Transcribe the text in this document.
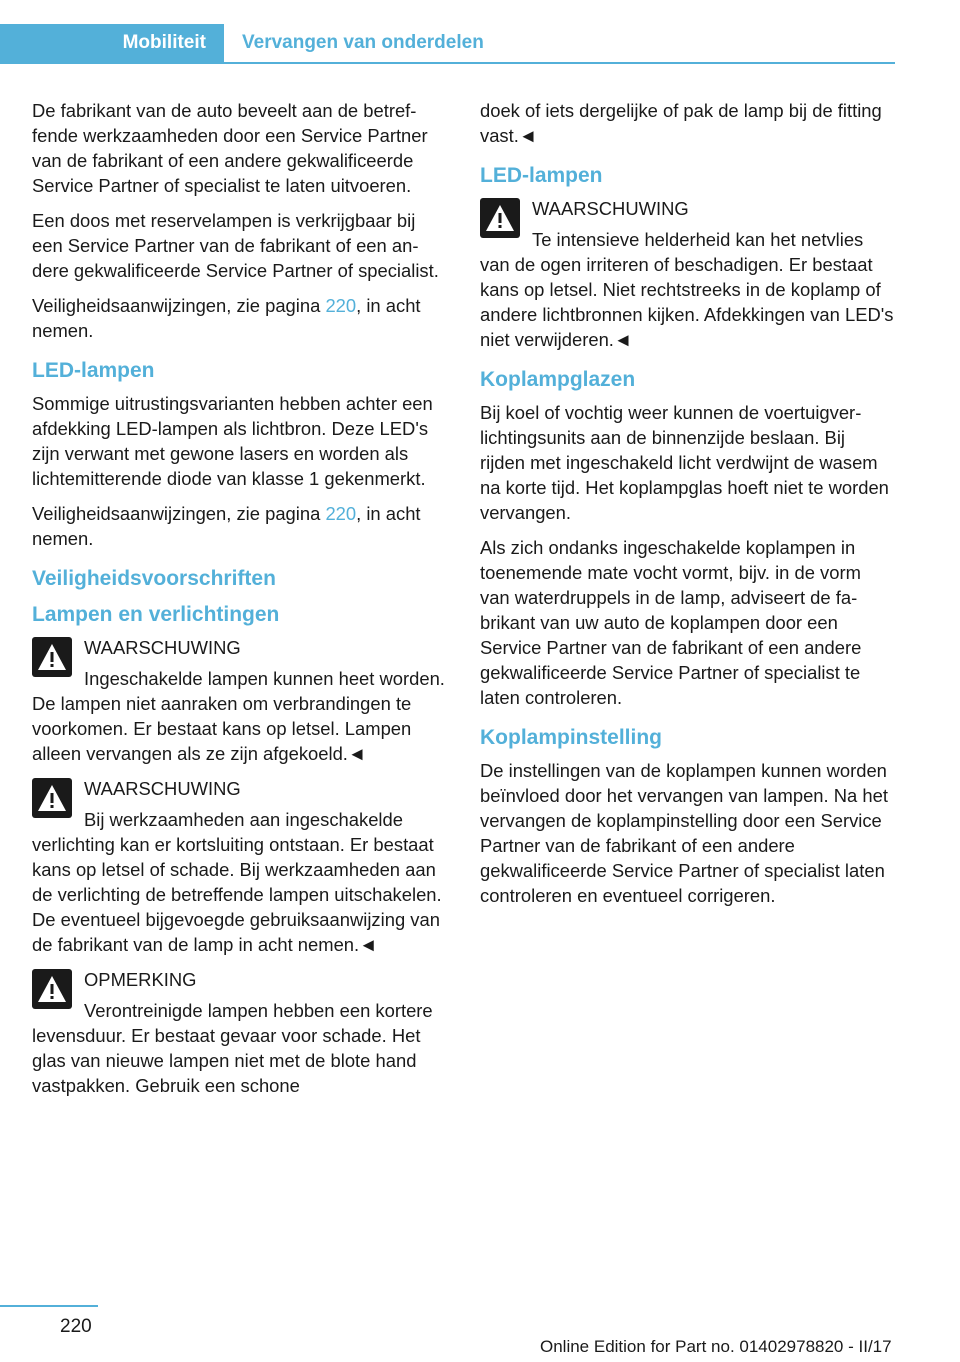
Mobiliteit	Vervangen van onderdelen

De fabrikant van de auto beveelt aan de betreffende werkzaamheden door een Service Partner van de fabrikant of een andere gekwalificeerde Service Partner of specialist te laten uitvoeren.

Een doos met reservelampen is verkrijgbaar bij een Service Partner van de fabrikant of een andere gekwalificeerde Service Partner of specialist.

Veiligheidsaanwijzingen, zie pagina 220, in acht nemen.

LED-lampen

Sommige uitrustingsvarianten hebben achter een afdekking LED-lampen als lichtbron. Deze LED's zijn verwant met gewone lasers en worden als lichtemitterende diode van klasse 1 gekenmerkt.

Veiligheidsaanwijzingen, zie pagina 220, in acht nemen.

Veiligheidsvoorschriften
Lampen en verlichtingen
WAARSCHUWING
Ingeschakelde lampen kunnen heet worden. De lampen niet aanraken om verbrandingen te voorkomen. Er bestaat kans op letsel. Lampen alleen vervangen als ze zijn afgekoeld.◄
WAARSCHUWING
Bij werkzaamheden aan ingeschakelde verlichting kan er kortsluiting ontstaan. Er bestaat kans op letsel of schade. Bij werkzaamheden aan de verlichting de betreffende lampen uitschakelen. De eventueel bijgevoegde gebruiksaanwijzing van de fabrikant van de lamp in acht nemen.◄
OPMERKING
Verontreinigde lampen hebben een kortere levensduur. Er bestaat gevaar voor schade. Het glas van nieuwe lampen niet met de blote hand vastpakken. Gebruik een schone

doek of iets dergelijke of pak de lamp bij de fitting vast.◄

LED-lampen
WAARSCHUWING
Te intensieve helderheid kan het netvlies van de ogen irriteren of beschadigen. Er bestaat kans op letsel. Niet rechtstreeks in de koplamp of andere lichtbronnen kijken. Afdekkingen van LED's niet verwijderen.◄
Koplampglazen

Bij koel of vochtig weer kunnen de voertuigverlichtingsunits aan de binnenzijde beslaan. Bij rijden met ingeschakeld licht verdwijnt de wasem na korte tijd. Het koplampglas hoeft niet te worden vervangen.

Als zich ondanks ingeschakelde koplampen in toenemende mate vocht vormt, bijv. in de vorm van waterdruppels in de lamp, adviseert de fabrikant van uw auto de koplampen door een Service Partner van de fabrikant of een andere gekwalificeerde Service Partner of specialist te laten controleren.

Koplampinstelling

De instellingen van de koplampen kunnen worden beïnvloed door het vervangen van lampen. Na het vervangen de koplampinstelling door een Service Partner van de fabrikant of een andere gekwalificeerde Service Partner of specialist laten controleren en eventueel corrigeren.

220
Online Edition for Part no. 01402978820 - II/17
